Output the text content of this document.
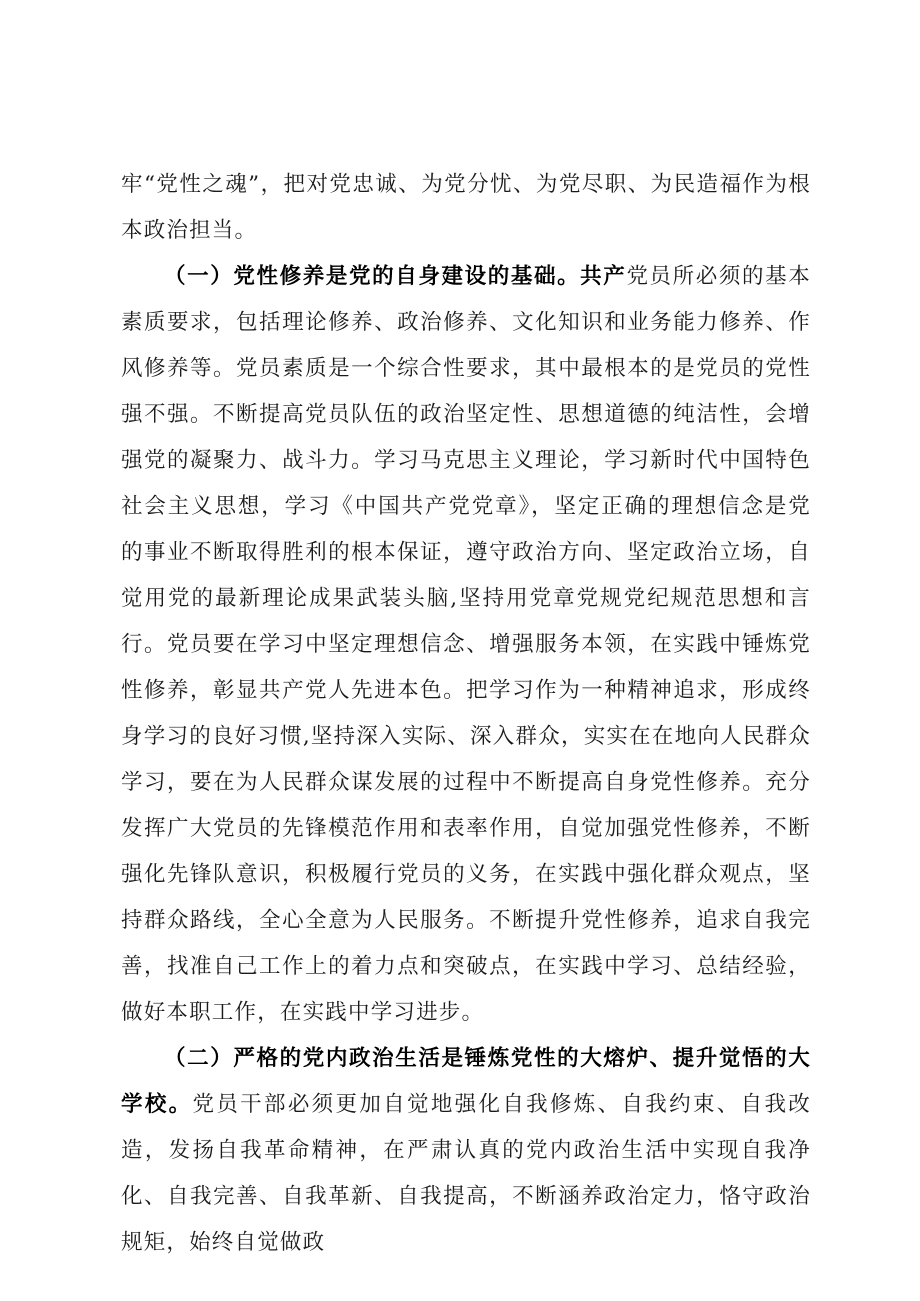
牢“党性之魂”，把对党忠诚、为党分忧、为党尽职、为民造福作为根本政治担当。

（一）党性修养是党的自身建设的基础。共产党员所必须的基本素质要求，包括理论修养、政治修养、文化知识和业务能力修养、作风修养等。党员素质是一个综合性要求，其中最根本的是党员的党性强不强。不断提高党员队伍的政治坚定性、思想道德的纯洁性，会增强党的凝聚力、战斗力。学习马克思主义理论，学习新时代中国特色社会主义思想，学习《中国共产党党章》，坚定正确的理想信念是党的事业不断取得胜利的根本保证，遵守政治方向、坚定政治立场，自觉用党的最新理论成果武装头脑,坚持用党章党规党纪规范思想和言行。党员要在学习中坚定理想信念、增强服务本领，在实践中锤炼党性修养，彰显共产党人先进本色。把学习作为一种精神追求，形成终身学习的良好习惯,坚持深入实际、深入群众，实实在在地向人民群众学习，要在为人民群众谋发展的过程中不断提高自身党性修养。充分发挥广大党员的先锋模范作用和表率作用，自觉加强党性修养，不断强化先锋队意识，积极履行党员的义务，在实践中强化群众观点，坚持群众路线，全心全意为人民服务。不断提升党性修养，追求自我完善，找准自己工作上的着力点和突破点，在实践中学习、总结经验，做好本职工作，在实践中学习进步。

（二）严格的党内政治生活是锤炼党性的大熔炉、提升觉悟的大学校。党员干部必须更加自觉地强化自我修炼、自我约束、自我改造，发扬自我革命精神，在严肃认真的党内政治生活中实现自我净化、自我完善、自我革新、自我提高，不断涵养政治定力，恪守政治规矩，始终自觉做政
